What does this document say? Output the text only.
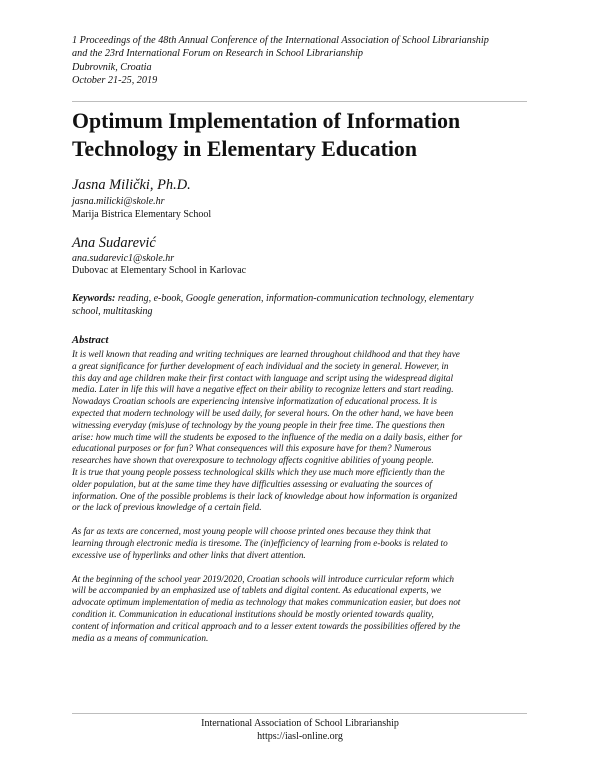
1 Proceedings of the 48th Annual Conference of the International Association of School Librarianship
and the 23rd International Forum on Research in School Librarianship
Dubrovnik, Croatia
October 21-25, 2019
Optimum Implementation of Information
Technology in Elementary Education
Jasna Milički, Ph.D.
jasna.milicki@skole.hr
Marija Bistrica Elementary School
Ana Sudarević
ana.sudarevic1@skole.hr
Dubovac at Elementary School in Karlovac
Keywords: reading, e-book, Google generation, information-communication technology, elementary
school, multitasking
Abstract
It is well known that reading and writing techniques are learned throughout childhood and that they have
a great significance for further development of each individual and the society in general. However, in
this day and age children make their first contact with language and script using the widespread digital
media. Later in life this will have a negative effect on their ability to recognize letters and start reading.
Nowadays Croatian schools are experiencing intensive informatization of educational process. It is
expected that modern technology will be used daily, for several hours. On the other hand, we have been
witnessing everyday (mis)use of technology by the young people in their free time. The questions then
arise: how much time will the students be exposed to the influence of the media on a daily basis, either for
educational purposes or for fun? What consequences will this exposure have for them? Numerous
researches have shown that overexposure to technology affects cognitive abilities of young people.
It is true that young people possess technological skills which they use much more efficiently than the
older population, but at the same time they have difficulties assessing or evaluating the sources of
information. One of the possible problems is their lack of knowledge about how information is organized
or the lack of previous knowledge of a certain field.
As far as texts are concerned, most young people will choose printed ones because they think that
learning through electronic media is tiresome. The (in)efficiency of learning from e-books is related to
excessive use of hyperlinks and other links that divert attention.
At the beginning of the school year 2019/2020, Croatian schools will introduce curricular reform which
will be accompanied by an emphasized use of tablets and digital content. As educational experts, we
advocate optimum implementation of media as technology that makes communication easier, but does not
condition it. Communication in educational institutions should be mostly oriented towards quality,
content of information and critical approach and to a lesser extent towards the possibilities offered by the
media as a means of communication.
International Association of School Librarianship
https://iasl-online.org
